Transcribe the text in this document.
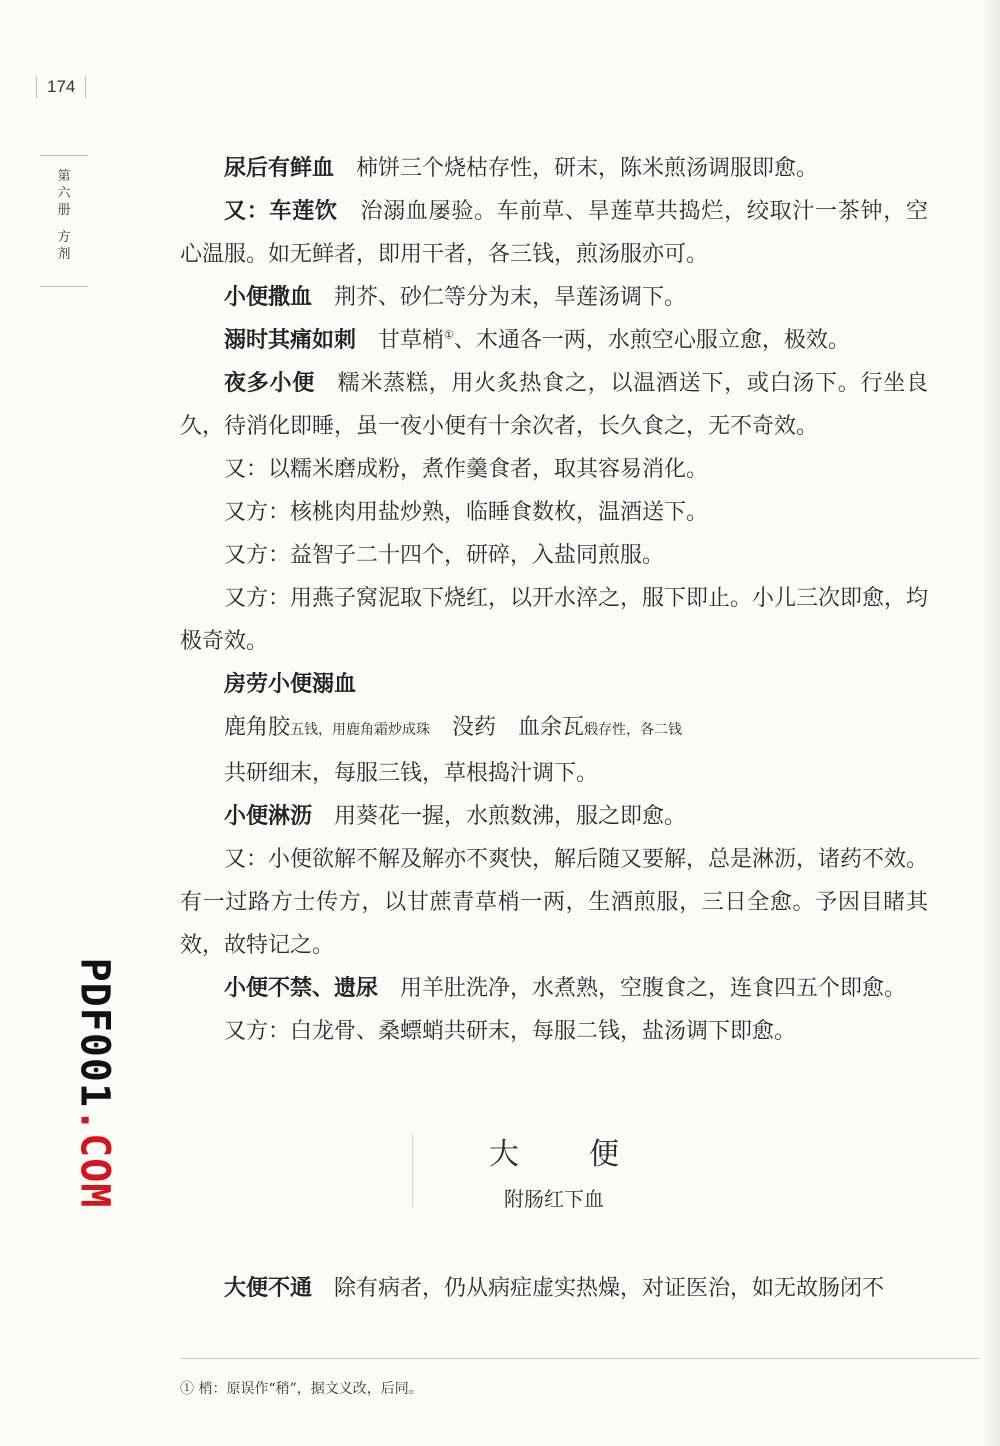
174
第六册
方剂

尿后有鲜血 柿饼三个烧枯存性，研末，陈米煎汤调服即愈。

又：车莲饮 治溺血屡验。车前草、旱莲草共捣烂，绞取汁一茶钟，空心温服。如无鲜者，即用干者，各三钱，煎汤服亦可。

小便撒血 荆芥、砂仁等分为末，旱莲汤调下。

溺时其痛如刺 甘草梢①、木通各一两，水煎空心服立愈，极效。

夜多小便 糯米蒸糕，用火炙热食之，以温酒送下，或白汤下。行坐良久，待消化即睡，虽一夜小便有十余次者，长久食之，无不奇效。

又：以糯米磨成粉，煮作羹食者，取其容易消化。

又方：核桃肉用盐炒熟，临睡食数枚，温酒送下。

又方：益智子二十四个，研碎，入盐同煎服。

又方：用燕子窝泥取下烧红，以开水淬之，服下即止。小儿三次即愈，均极奇效。

房劳小便溺血

鹿角胶五钱，用鹿角霜炒成珠 没药 血余瓦煅存性，各二钱

共研细末，每服三钱，草根捣汁调下。

小便淋沥 用葵花一握，水煎数沸，服之即愈。

又：小便欲解不解及解亦不爽快，解后随又要解，总是淋沥，诸药不效。有一过路方士传方，以甘蔗青草梢一两，生酒煎服，三日全愈。予因目睹其效，故特记之。

小便不禁、遗尿 用羊肚洗净，水煮熟，空腹食之，连食四五个即愈。

又方：白龙骨、桑螵蛸共研末，每服二钱，盐汤调下即愈。

大便
附肠红下血

大便不通 除有病者，仍从病症虚实热燥，对证医治，如无故肠闭不

① 梢：原误作“稍”，据文义改，后同。
PDF001.COM
